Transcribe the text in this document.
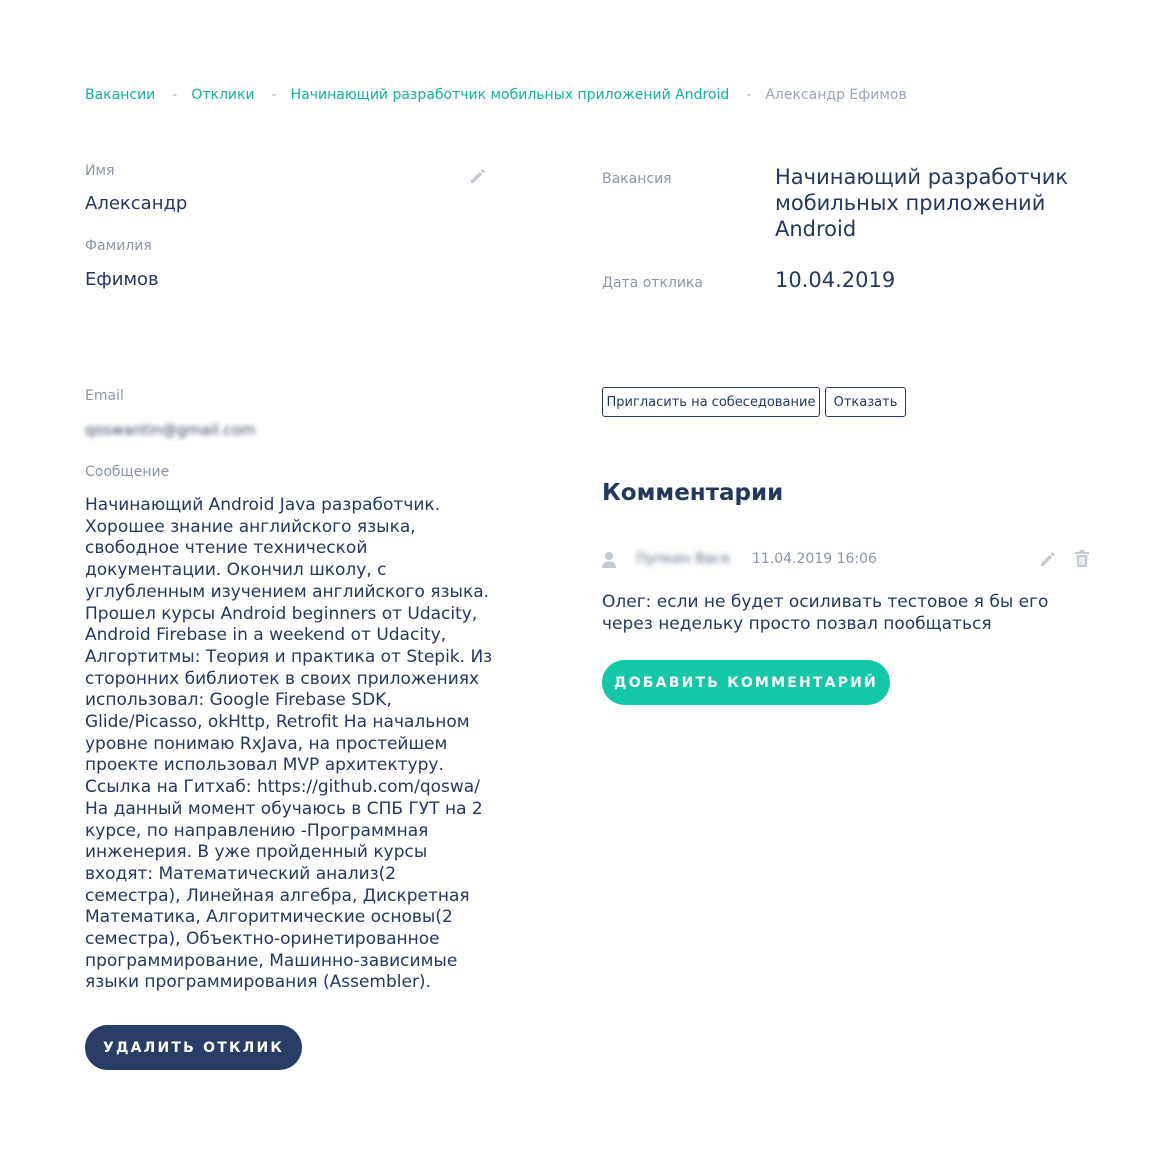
Вакансии - Отклики - Начинающий разработчик мобильных приложений Android - Александр Ефимов
Имя
Александр
Фамилия
Ефимов
Email
qoswantin@gmail.com
Сообщение

Начинающий Android Java разработчик. Хорошее знание английского языка, свободное чтение технической документации. Окончил школу, с углубленным изучением английского языка. Прошел курсы Android beginners от Udacity, Android Firebase in a weekend от Udacity, Алгортитмы: Теория и практика от Stepik. Из сторонних библиотек в своих приложениях использовал: Google Firebase SDK, Glide/Picasso, okHttp, Retrofit На начальном уровне понимаю RxJava, на простейшем проекте использовал MVP архитектуру. Ссылка на Гитхаб: https://github.com/qoswa/ На данный момент обучаюсь в СПБ ГУТ на 2 курсе, по направлению -Программная инженерия. В уже пройденный курсы входят: Математический анализ(2 семестра), Линейная алгебра, Дискретная Математика, Алгоритмические основы(2 семестра), Объектно-оринетированное программирование, Машинно-зависимые языки программирования (Assembler).

УДАЛИТЬ ОТКЛИК
Вакансия	Начинающий разработчик мобильных приложений Android
Дата отклика	10.04.2019
Пригласить на собеседование	Отказать
Комментарии
Пупкин Вася 11.04.2019 16:06

Олег: если не будет осиливать тестовое я бы его через недельку просто позвал пообщаться

ДОБАВИТЬ КОММЕНТАРИЙ
